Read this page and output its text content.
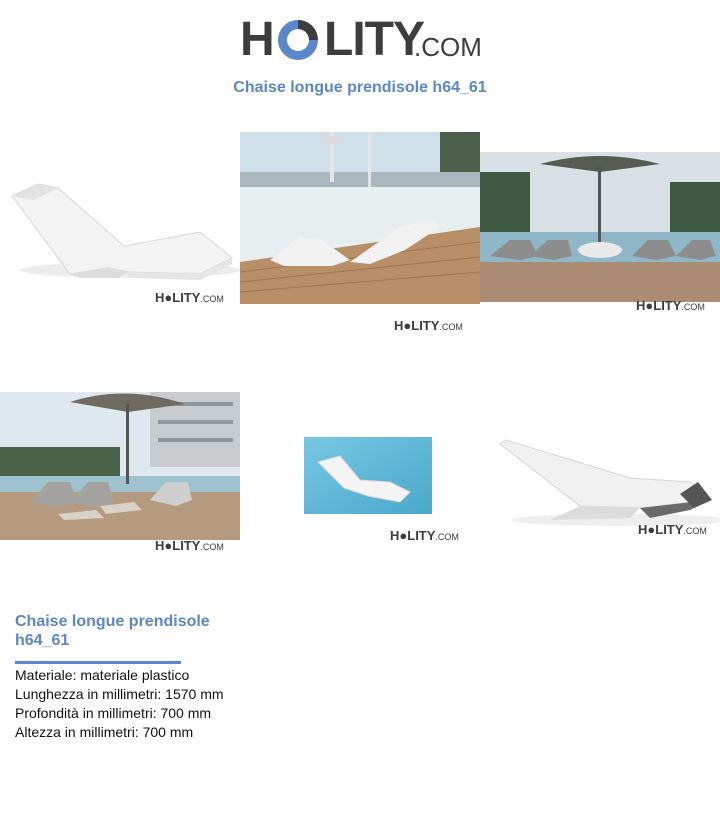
H LITY
.COM
Chaise longue prendisole h64_61
H●LITY.COM
H●LITY.COM
H●LITY.COM
H●LITY.COM
H●LITY.COM	H●LITY.COM
Chaise longue prendisole h64_61
Materiale: materiale plastico
Lunghezza in millimetri: 1570 mm
Profondità in millimetri: 700 mm
Altezza in millimetri: 700 mm
